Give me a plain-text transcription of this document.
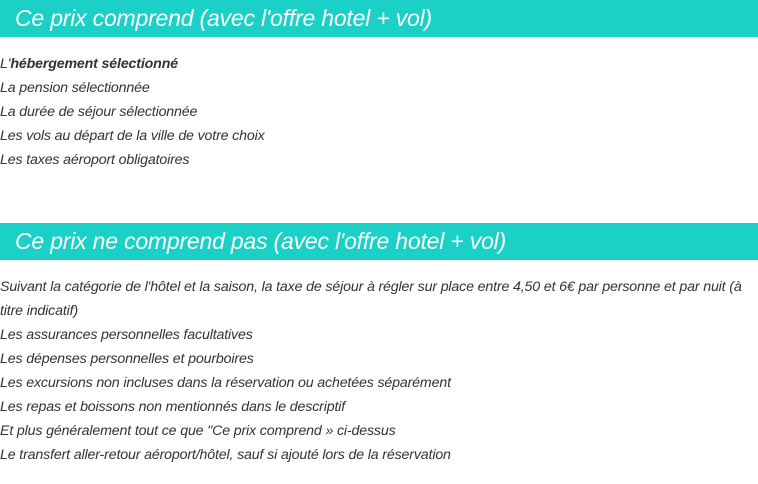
Ce prix comprend (avec l'offre hotel + vol)
L'hébergement sélectionné
La pension sélectionnée
La durée de séjour sélectionnée
Les vols au départ de la ville de votre choix
Les taxes aéroport obligatoires
Ce prix ne comprend pas (avec l'offre hotel + vol)
Suivant la catégorie de l'hôtel et la saison, la taxe de séjour à régler sur place entre 4,50 et 6€ par personne et par nuit (à titre indicatif)
Les assurances personnelles facultatives
Les dépenses personnelles et pourboires
Les excursions non incluses dans la réservation ou achetées séparément
Les repas et boissons non mentionnés dans le descriptif
Et plus généralement tout ce que "Ce prix comprend » ci-dessus
Le transfert aller-retour aéroport/hôtel, sauf si ajouté lors de la réservation
